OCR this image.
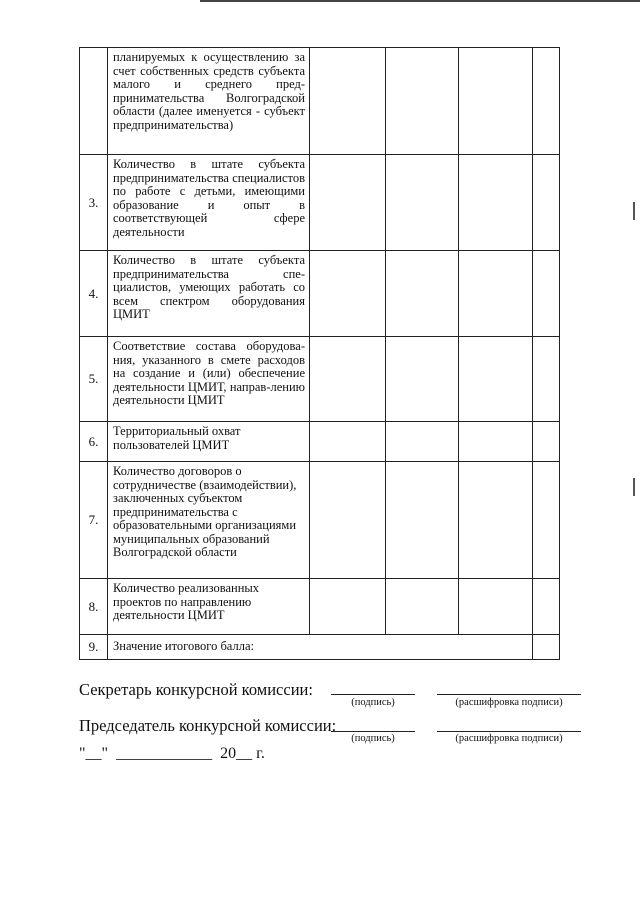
	планируемых к осуществлению за счет собственных средств субъекта малого и среднего пред-принимательства Волгоградской области (далее именуется - субъект предпринимательства)				

3.	Количество в штате субъекта предпринимательства специалистов по работе с детьми, имеющими образование и опыт в соответствующей сфере деятельности				

4.	Количество в штате субъекта предпринимательства спе-циалистов, умеющих работать со всем спектром оборудования ЦМИТ				

5.	Соответствие состава оборудова-ния, указанного в смете расходов на создание и (или) обеспечение деятельности ЦМИТ, направ-лению деятельности ЦМИТ				

6.	Территориальный охват пользователей ЦМИТ				

7.	Количество договоров о сотрудничестве (взаимодействии), заключенных субъектом предпринимательства с образовательными организациями муниципальных образований Волгоградской области				

8.	Количество реализованных проектов по направлению деятельности ЦМИТ				

9.	Значение итогового балла:				
Секретарь конкурсной комиссии:
(подпись)	(расшифровка подписи)
Председатель конкурсной комиссии:
(подпись)	(расшифровка подписи)
"__"  ____________  20__ г.
